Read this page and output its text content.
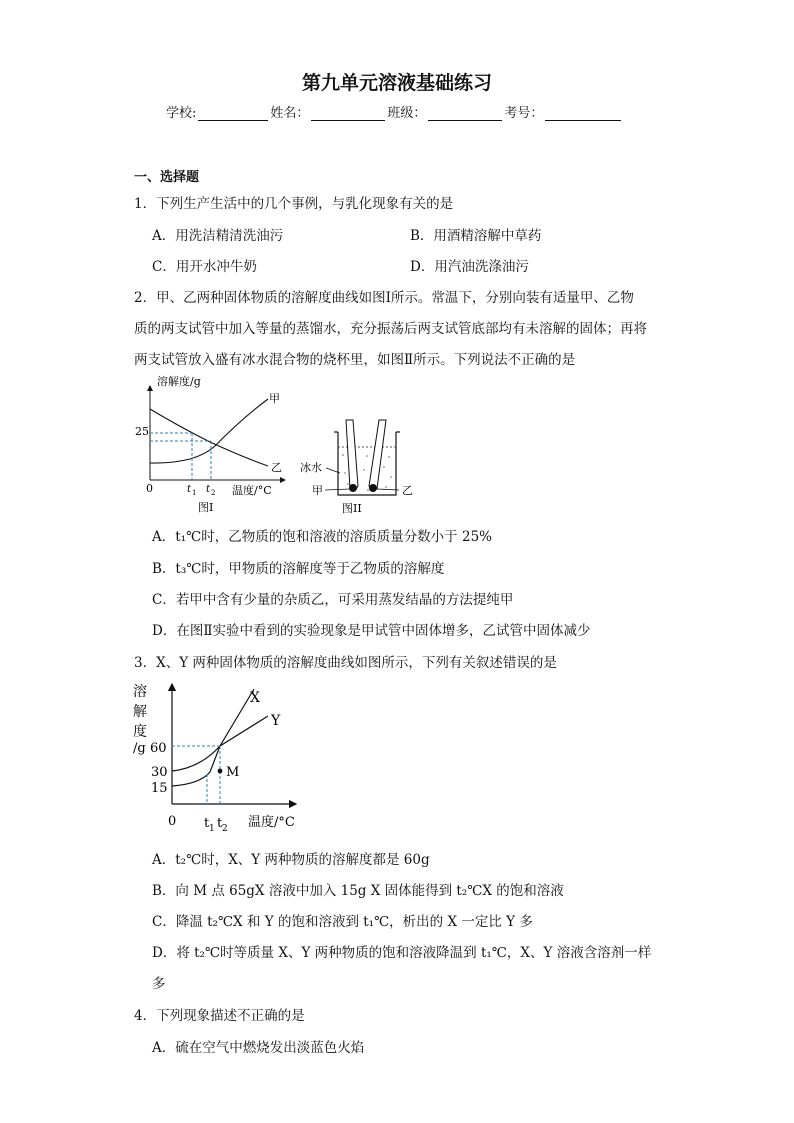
第九单元溶液基础练习
学校:	姓名：	班级：	考号：
一、选择题
1．下列生产生活中的几个事例，与乳化现象有关的是
A．用洗洁精清洗油污	B．用酒精溶解中草药
C．用开水冲牛奶	D．用汽油洗涤油污
2．甲、乙两种固体物质的溶解度曲线如图Ⅰ所示。常温下，分别向装有适量甲、乙物
质的两支试管中加入等量的蒸馏水，充分振荡后两支试管底部均有未溶解的固体；再将
两支试管放入盛有冰水混合物的烧杯里，如图Ⅱ所示。下列说法不正确的是
溶解度/g
25
0	t 1 t 2 温度/°C
甲
乙
图I
冰水
甲	乙
图II
A．t₁℃时，乙物质的饱和溶液的溶质质量分数小于 25%
B．t₃℃时，甲物质的溶解度等于乙物质的溶解度
C．若甲中含有少量的杂质乙，可采用蒸发结晶的方法提纯甲
D．在图Ⅱ实验中看到的实验现象是甲试管中固体增多，乙试管中固体减少
3．X、Y 两种固体物质的溶解度曲线如图所示，下列有关叙述错误的是
M
X
Y
溶
解
度
/g 60
30
15
0 t 1 t 2 温度/°C
A．t₂℃时，X、Y 两种物质的溶解度都是 60g
B．向 M 点 65gX 溶液中加入 15g X 固体能得到 t₂℃X 的饱和溶液
C．降温 t₂℃X 和 Y 的饱和溶液到 t₁℃，析出的 X 一定比 Y 多
D．将 t₂℃时等质量 X、Y 两种物质的饱和溶液降温到 t₁℃，X、Y 溶液含溶剂一样
多
4．下列现象描述不正确的是
A．硫在空气中燃烧发出淡蓝色火焰
